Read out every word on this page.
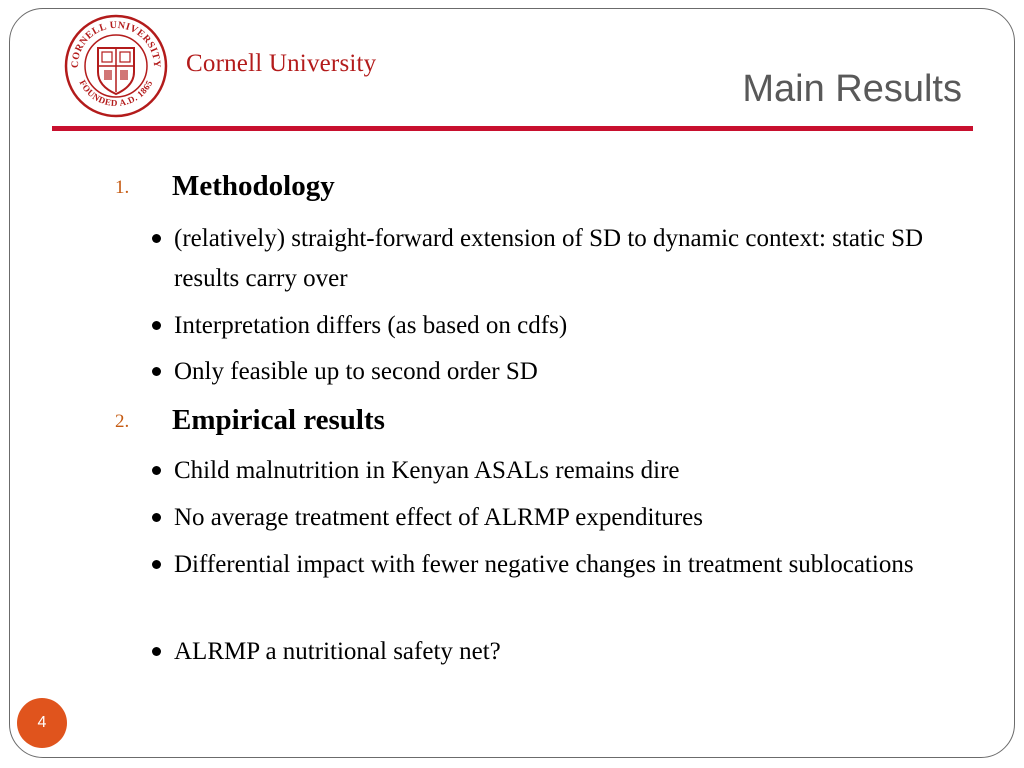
CORNELL UNIVERSITY
FOUNDED A.D. 1865
Cornell University
Main Results
1. Methodology
(relatively) straight-forward extension of SD to dynamic context: static SD results carry over
Interpretation differs (as based on cdfs)
Only feasible up to second order SD
2. Empirical results
Child malnutrition in Kenyan ASALs remains dire
No average treatment effect of ALRMP expenditures
Differential impact with fewer negative changes in treatment sublocations
ALRMP a nutritional safety net?
4
